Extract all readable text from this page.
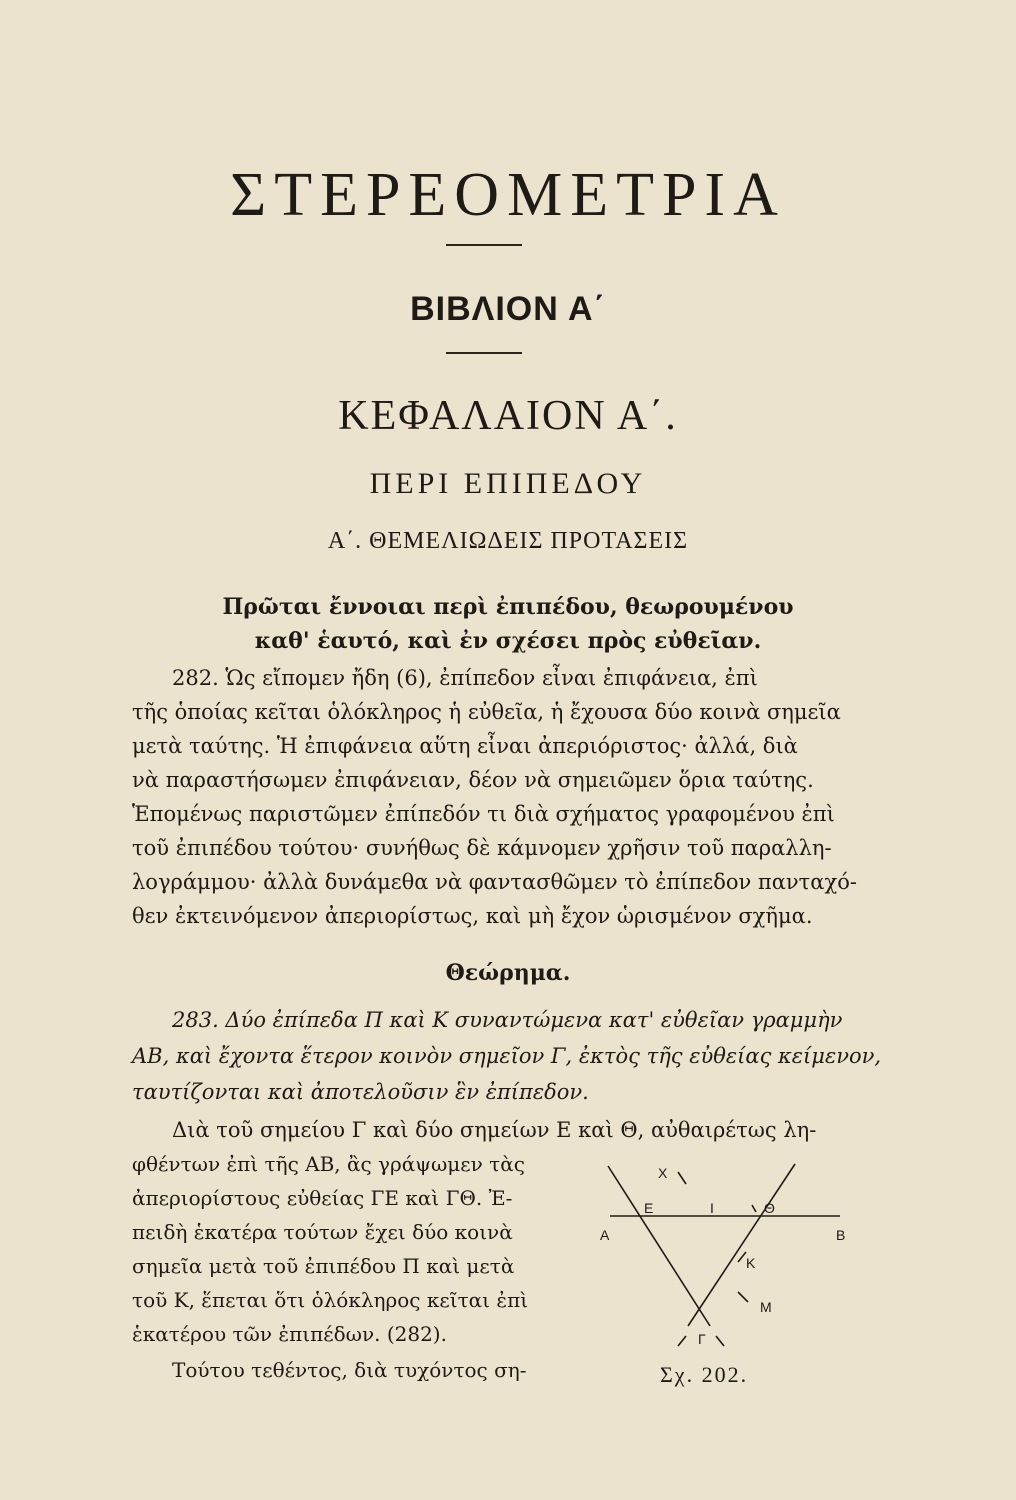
ΣΤΕΡΕΟΜΕΤΡΙΑ
ΒΙΒΛΙΟΝ Α΄
ΚΕΦΑΛΑΙΟΝ Α΄.
ΠΕΡΙ ΕΠΙΠΕΔΟΥ
Α΄. ΘΕΜΕΛΙΩΔΕΙΣ ΠΡΟΤΑΣΕΙΣ
Πρῶται ἔννοιαι περὶ ἐπιπέδου, θεωρουμένου
καθ' ἑαυτό, καὶ ἐν σχέσει πρὸς εὐθεῖαν.
282. Ὡς εἴπομεν ἤδη (6), ἐπίπεδον εἶναι ἐπιφάνεια, ἐπὶ
τῆς ὁποίας κεῖται ὁλόκληρος ἡ εὐθεῖα, ἡ ἔχουσα δύο κοινὰ σημεῖα
μετὰ ταύτης. Ἡ ἐπιφάνεια αὕτη εἶναι ἀπεριόριστος· ἀλλά, διὰ
νὰ παραστήσωμεν ἐπιφάνειαν, δέον νὰ σημειῶμεν ὅρια ταύτης.
Ἑπομένως παριστῶμεν ἐπίπεδόν τι διὰ σχήματος γραφομένου ἐπὶ
τοῦ ἐπιπέδου τούτου· συνήθως δὲ κάμνομεν χρῆσιν τοῦ παραλλη-
λογράμμου· ἀλλὰ δυνάμεθα νὰ φαντασθῶμεν τὸ ἐπίπεδον πανταχό-
θεν ἐκτεινόμενον ἀπεριορίστως, καὶ μὴ ἔχον ὡρισμένον σχῆμα.
Θεώρημα.
283. Δύο ἐπίπεδα Π καὶ Κ συναντώμενα κατ' εὐθεῖαν γραμμὴν
ΑΒ, καὶ ἔχοντα ἕτερον κοινὸν σημεῖον Γ, ἐκτὸς τῆς εὐθείας κείμενον,
ταυτίζονται καὶ ἀποτελοῦσιν ἓν ἐπίπεδον.
Διὰ τοῦ σημείου Γ καὶ δύο σημείων Ε καὶ Θ, αὐθαιρέτως λη-
φθέντων ἐπὶ τῆς ΑΒ, ἂς γράψωμεν τὰς
ἀπεριορίστους εὐθείας ΓΕ καὶ ΓΘ. Ἐ-
πειδὴ ἑκατέρα τούτων ἔχει δύο κοινὰ
σημεῖα μετὰ τοῦ ἐπιπέδου Π καὶ μετὰ
τοῦ Κ, ἕπεται ὅτι ὁλόκληρος κεῖται ἐπὶ
ἑκατέρου τῶν ἐπιπέδων. (282).
Τούτου τεθέντος, διὰ τυχόντος ση-
Α	Β
Ε	Ι	Θ
Χ
Κ
Μ
Γ
Σχ. 202.
